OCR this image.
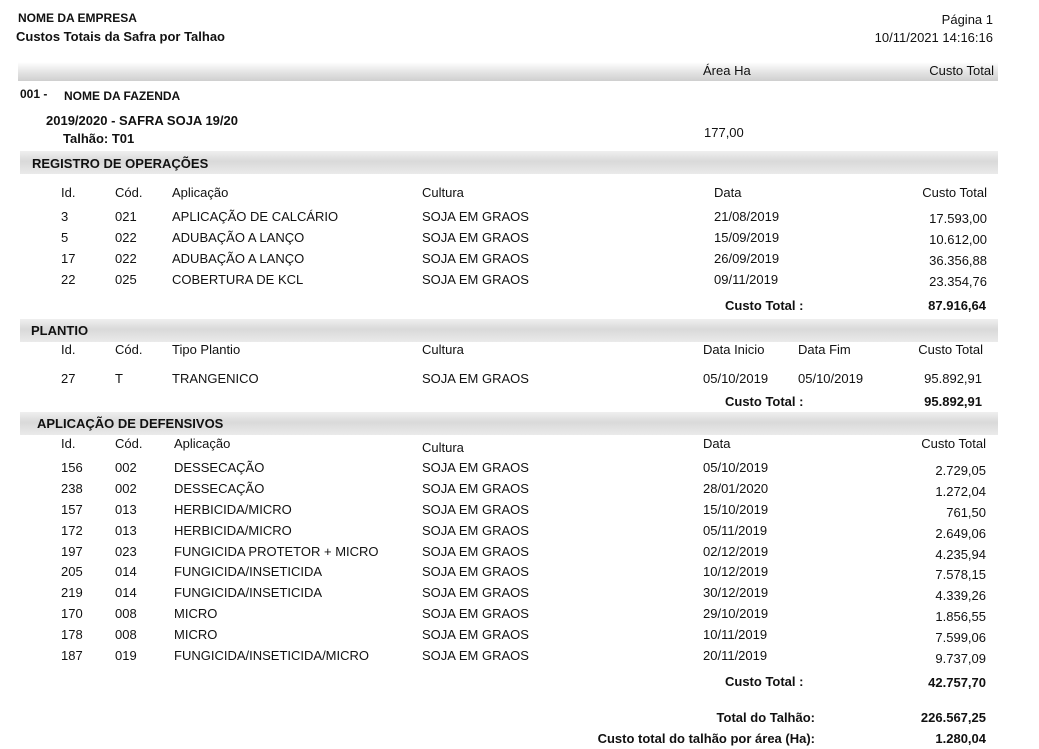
NOME DA EMPRESA
Custos Totais da Safra por Talhao
Página 1
10/11/2021 14:16:16
Área Ha	Custo Total
001 - NOME DA FAZENDA
2019/2020 - SAFRA SOJA 19/20
Talhão: T01	177,00
REGISTRO DE OPERAÇÕES
Id.	Cód. Aplicação	Cultura	Data	Custo Total
3	021	APLICAÇÃO DE CALCÁRIO	SOJA EM GRAOS	21/08/2019	17.593,00
5	022	ADUBAÇÃO A LANÇO	SOJA EM GRAOS	15/09/2019	10.612,00
17	022	ADUBAÇÃO A LANÇO	SOJA EM GRAOS	26/09/2019	36.356,88
22	025	COBERTURA DE KCL	SOJA EM GRAOS	09/11/2019	23.354,76
Custo Total :	87.916,64
PLANTIO
Id.	Cód. Tipo Plantio	Cultura	Data Inicio	Data Fim	Custo Total
27	T	TRANGENICO	SOJA EM GRAOS	05/10/2019 05/10/2019	95.892,91
Custo Total :	95.892,91
APLICAÇÃO DE DEFENSIVOS
Id.	Cód. Aplicação	Cultura	Data	Custo Total
156 002	DESSECAÇÃO	SOJA EM GRAOS	05/10/2019	2.729,05
238 002	DESSECAÇÃO	SOJA EM GRAOS	28/01/2020	1.272,04
157 013	HERBICIDA/MICRO	SOJA EM GRAOS	15/10/2019	761,50
172 013	HERBICIDA/MICRO	SOJA EM GRAOS	05/11/2019	2.649,06
197 023	FUNGICIDA PROTETOR + MICRO	SOJA EM GRAOS	02/12/2019	4.235,94
205 014	FUNGICIDA/INSETICIDA	SOJA EM GRAOS	10/12/2019	7.578,15
219 014	FUNGICIDA/INSETICIDA	SOJA EM GRAOS	30/12/2019	4.339,26
170 008	MICRO	SOJA EM GRAOS	29/10/2019	1.856,55
178 008	MICRO	SOJA EM GRAOS	10/11/2019	7.599,06
187 019	FUNGICIDA/INSETICIDA/MICRO	SOJA EM GRAOS	20/11/2019	9.737,09
Custo Total :	42.757,70
Total do Talhão:	226.567,25
Custo total do talhão por área (Ha):	1.280,04
